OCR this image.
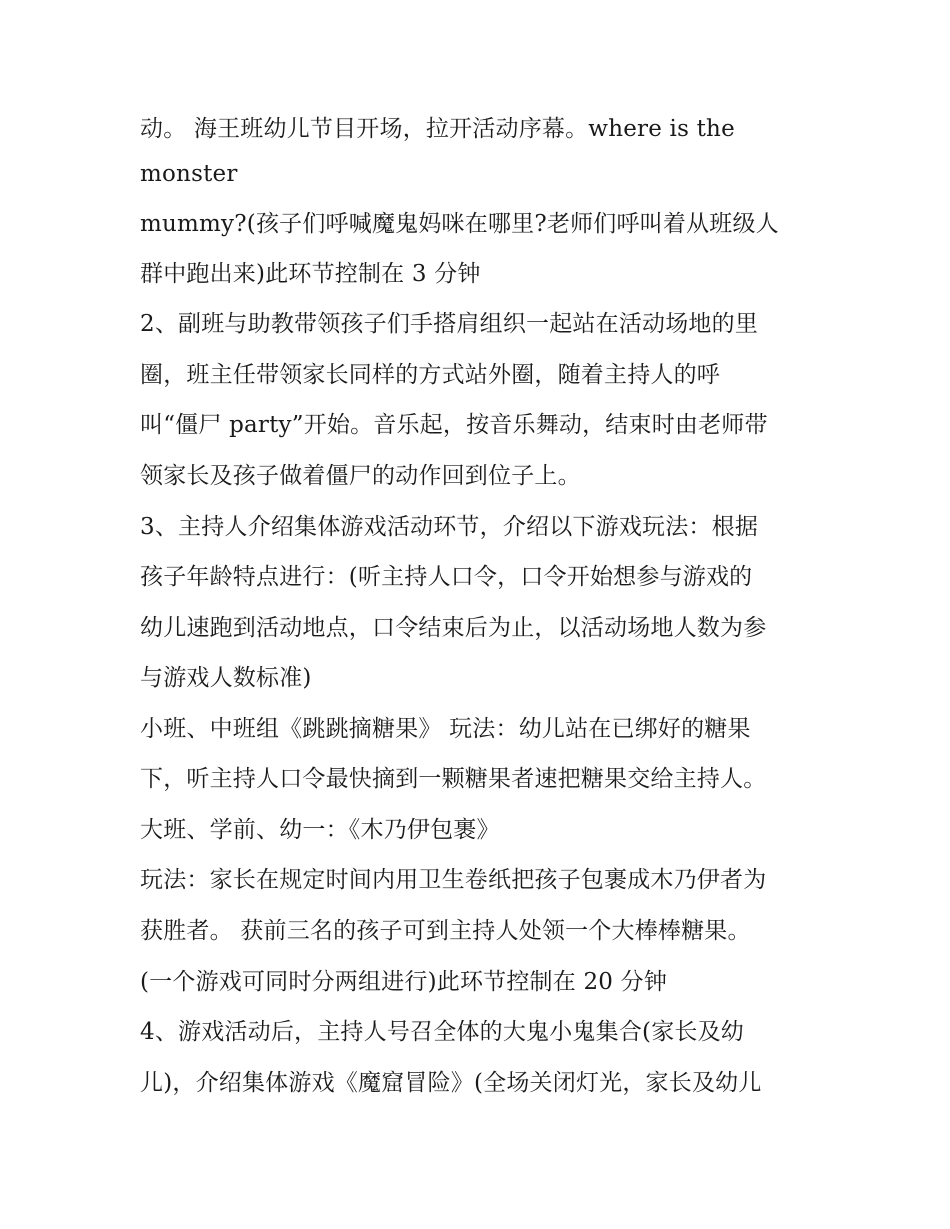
动。 海王班幼儿节目开场，拉开活动序幕。where is the
monster
mummy?(孩子们呼喊魔鬼妈咪在哪里?老师们呼叫着从班级人
群中跑出来)此环节控制在 3 分钟
2、副班与助教带领孩子们手搭肩组织一起站在活动场地的里
圈，班主任带领家长同样的方式站外圈，随着主持人的呼
叫“僵尸 party”开始。音乐起，按音乐舞动，结束时由老师带
领家长及孩子做着僵尸的动作回到位子上。
3、主持人介绍集体游戏活动环节，介绍以下游戏玩法：根据
孩子年龄特点进行：(听主持人口令，口令开始想参与游戏的
幼儿速跑到活动地点，口令结束后为止，以活动场地人数为参
与游戏人数标准)
小班、中班组《跳跳摘糖果》 玩法：幼儿站在已绑好的糖果
下，听主持人口令最快摘到一颗糖果者速把糖果交给主持人。
大班、学前、幼一：《木乃伊包裹》
玩法：家长在规定时间内用卫生卷纸把孩子包裹成木乃伊者为
获胜者。 获前三名的孩子可到主持人处领一个大棒棒糖果。
(一个游戏可同时分两组进行)此环节控制在 20 分钟
4、游戏活动后，主持人号召全体的大鬼小鬼集合(家长及幼
儿)，介绍集体游戏《魔窟冒险》(全场关闭灯光，家长及幼儿
